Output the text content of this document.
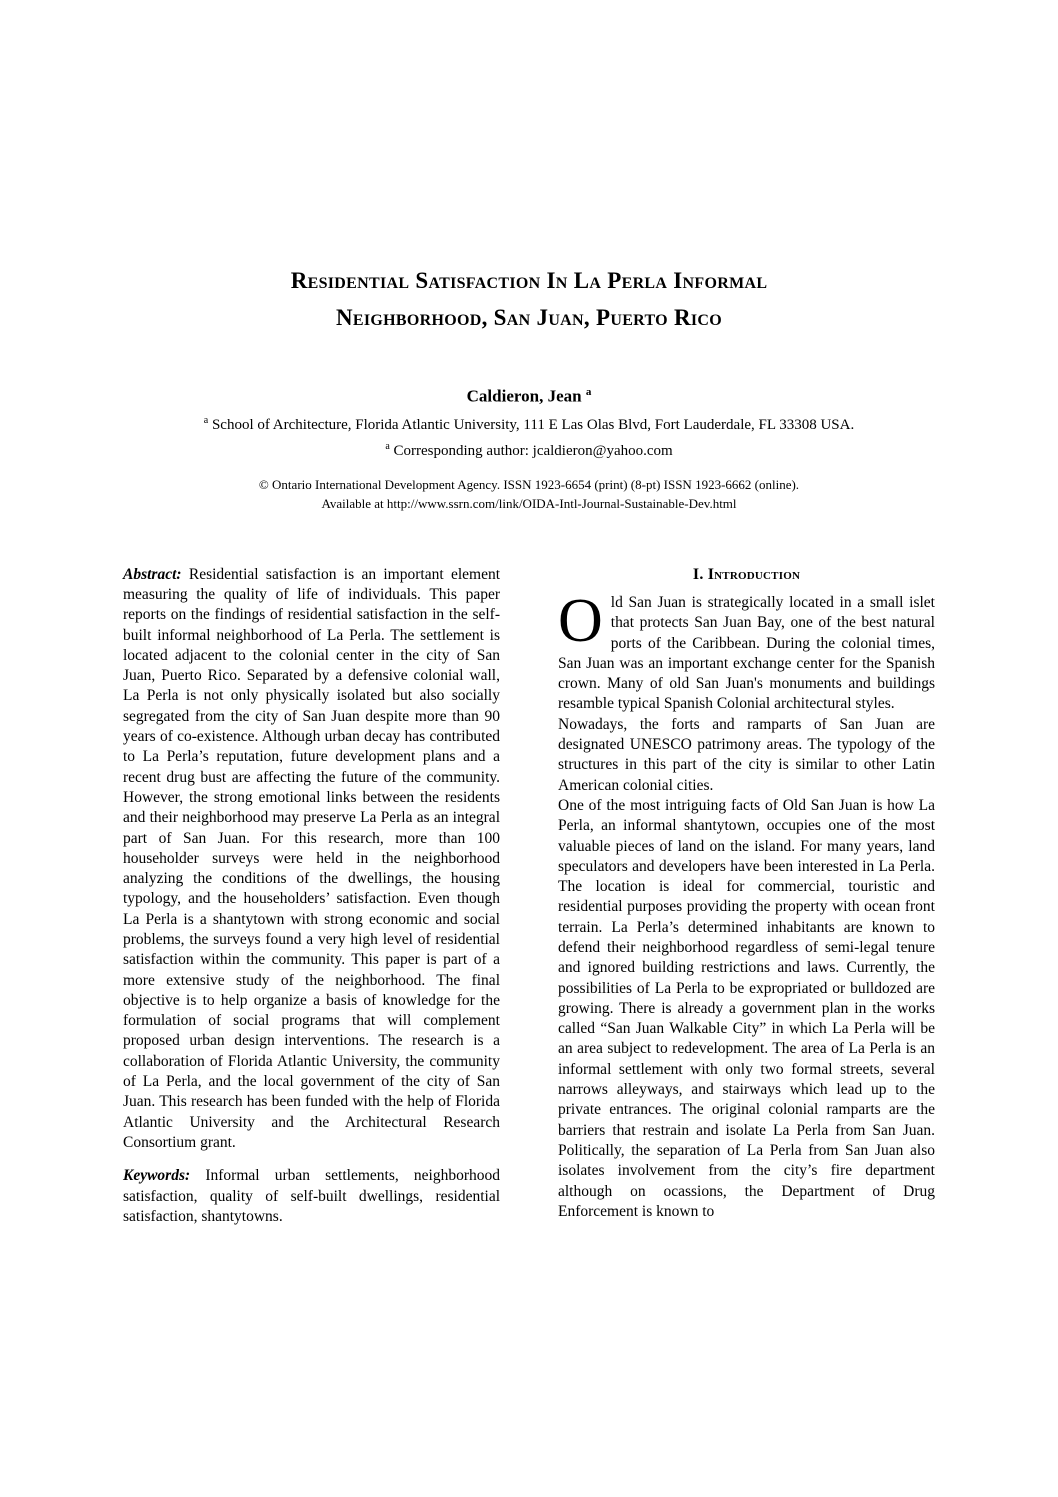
Residential Satisfaction In La Perla Informal
Neighborhood, San Juan, Puerto Rico
Caldieron, Jean $^a$
$^a$ School of Architecture, Florida Atlantic University, 111 E Las Olas Blvd, Fort Lauderdale, FL 33308 USA.
$^a$ Corresponding author: jcaldieron@yahoo.com
© Ontario International Development Agency. ISSN 1923-6654 (print) (8-pt) ISSN 1923-6662 (online).
Available at http://www.ssrn.com/link/OIDA-Intl-Journal-Sustainable-Dev.html

Abstract: Residential satisfaction is an important element measuring the quality of life of individuals. This paper reports on the findings of residential satisfaction in the self-built informal neighborhood of La Perla. The settlement is located adjacent to the colonial center in the city of San Juan, Puerto Rico. Separated by a defensive colonial wall, La Perla is not only physically isolated but also socially segregated from the city of San Juan despite more than 90 years of co-existence. Although urban decay has contributed to La Perla’s reputation, future development plans and a recent drug bust are affecting the future of the community. However, the strong emotional links between the residents and their neighborhood may preserve La Perla as an integral part of San Juan. For this research, more than 100 householder surveys were held in the neighborhood analyzing the conditions of the dwellings, the housing typology, and the householders’ satisfaction. Even though La Perla is a shantytown with strong economic and social problems, the surveys found a very high level of residential satisfaction within the community. This paper is part of a more extensive study of the neighborhood. The final objective is to help organize a basis of knowledge for the formulation of social programs that will complement proposed urban design interventions. The research is a collaboration of Florida Atlantic University, the community of La Perla, and the local government of the city of San Juan. This research has been funded with the help of Florida Atlantic University and the Architectural Research Consortium grant.

Keywords: Informal urban settlements, neighborhood satisfaction, quality of self-built dwellings, residential satisfaction, shantytowns.

I. Introduction

Old San Juan is strategically located in a small islet that protects San Juan Bay, one of the best natural ports of the Caribbean. During the colonial times, San Juan was an important exchange center for the Spanish crown. Many of old San Juan's monuments and buildings resamble typical Spanish Colonial architectural styles.

Nowadays, the forts and ramparts of San Juan are designated UNESCO patrimony areas. The typology of the structures in this part of the city is similar to other Latin American colonial cities.

One of the most intriguing facts of Old San Juan is how La Perla, an informal shantytown, occupies one of the most valuable pieces of land on the island. For many years, land speculators and developers have been interested in La Perla. The location is ideal for commercial, touristic and residential purposes providing the property with ocean front terrain. La Perla’s determined inhabitants are known to defend their neighborhood regardless of semi-legal tenure and ignored building restrictions and laws. Currently, the possibilities of La Perla to be expropriated or bulldozed are growing. There is already a government plan in the works called “San Juan Walkable City” in which La Perla will be an area subject to redevelopment. The area of La Perla is an informal settlement with only two formal streets, several narrows alleyways, and stairways which lead up to the private entrances. The original colonial ramparts are the barriers that restrain and isolate La Perla from San Juan. Politically, the separation of La Perla from San Juan also isolates involvement from the city’s fire department although on ocassions, the Department of Drug Enforcement is known to
